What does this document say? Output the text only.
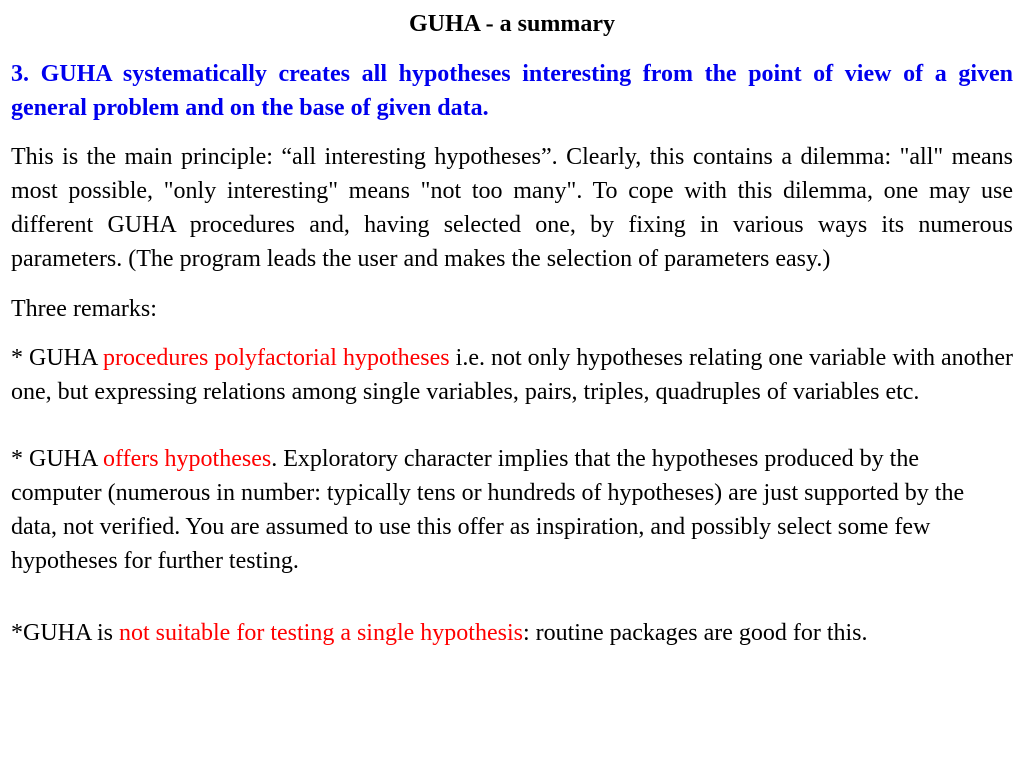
GUHA - a summary
3. GUHA systematically creates all hypotheses interesting from the point of view of a given general problem and on the base of given data.
This is the main principle: “all interesting hypotheses”. Clearly, this contains a dilemma: "all" means most possible, "only interesting" means "not too many". To cope with this dilemma, one may use different GUHA procedures and, having selected one, by fixing in various ways its numerous parameters. (The program leads the user and makes the selection of parameters easy.)
Three remarks:
* GUHA procedures polyfactorial hypotheses i.e. not only hypotheses relating one variable with another one, but expressing relations among single variables, pairs, triples, quadruples of variables etc.
* GUHA offers hypotheses. Exploratory character implies that the hypotheses produced by the computer (numerous in number: typically tens or hundreds of hypotheses) are just supported by the data, not verified. You are assumed to use this offer as inspiration, and possibly select some few hypotheses for further testing.
*GUHA is not suitable for testing a single hypothesis: routine packages are good for this.
